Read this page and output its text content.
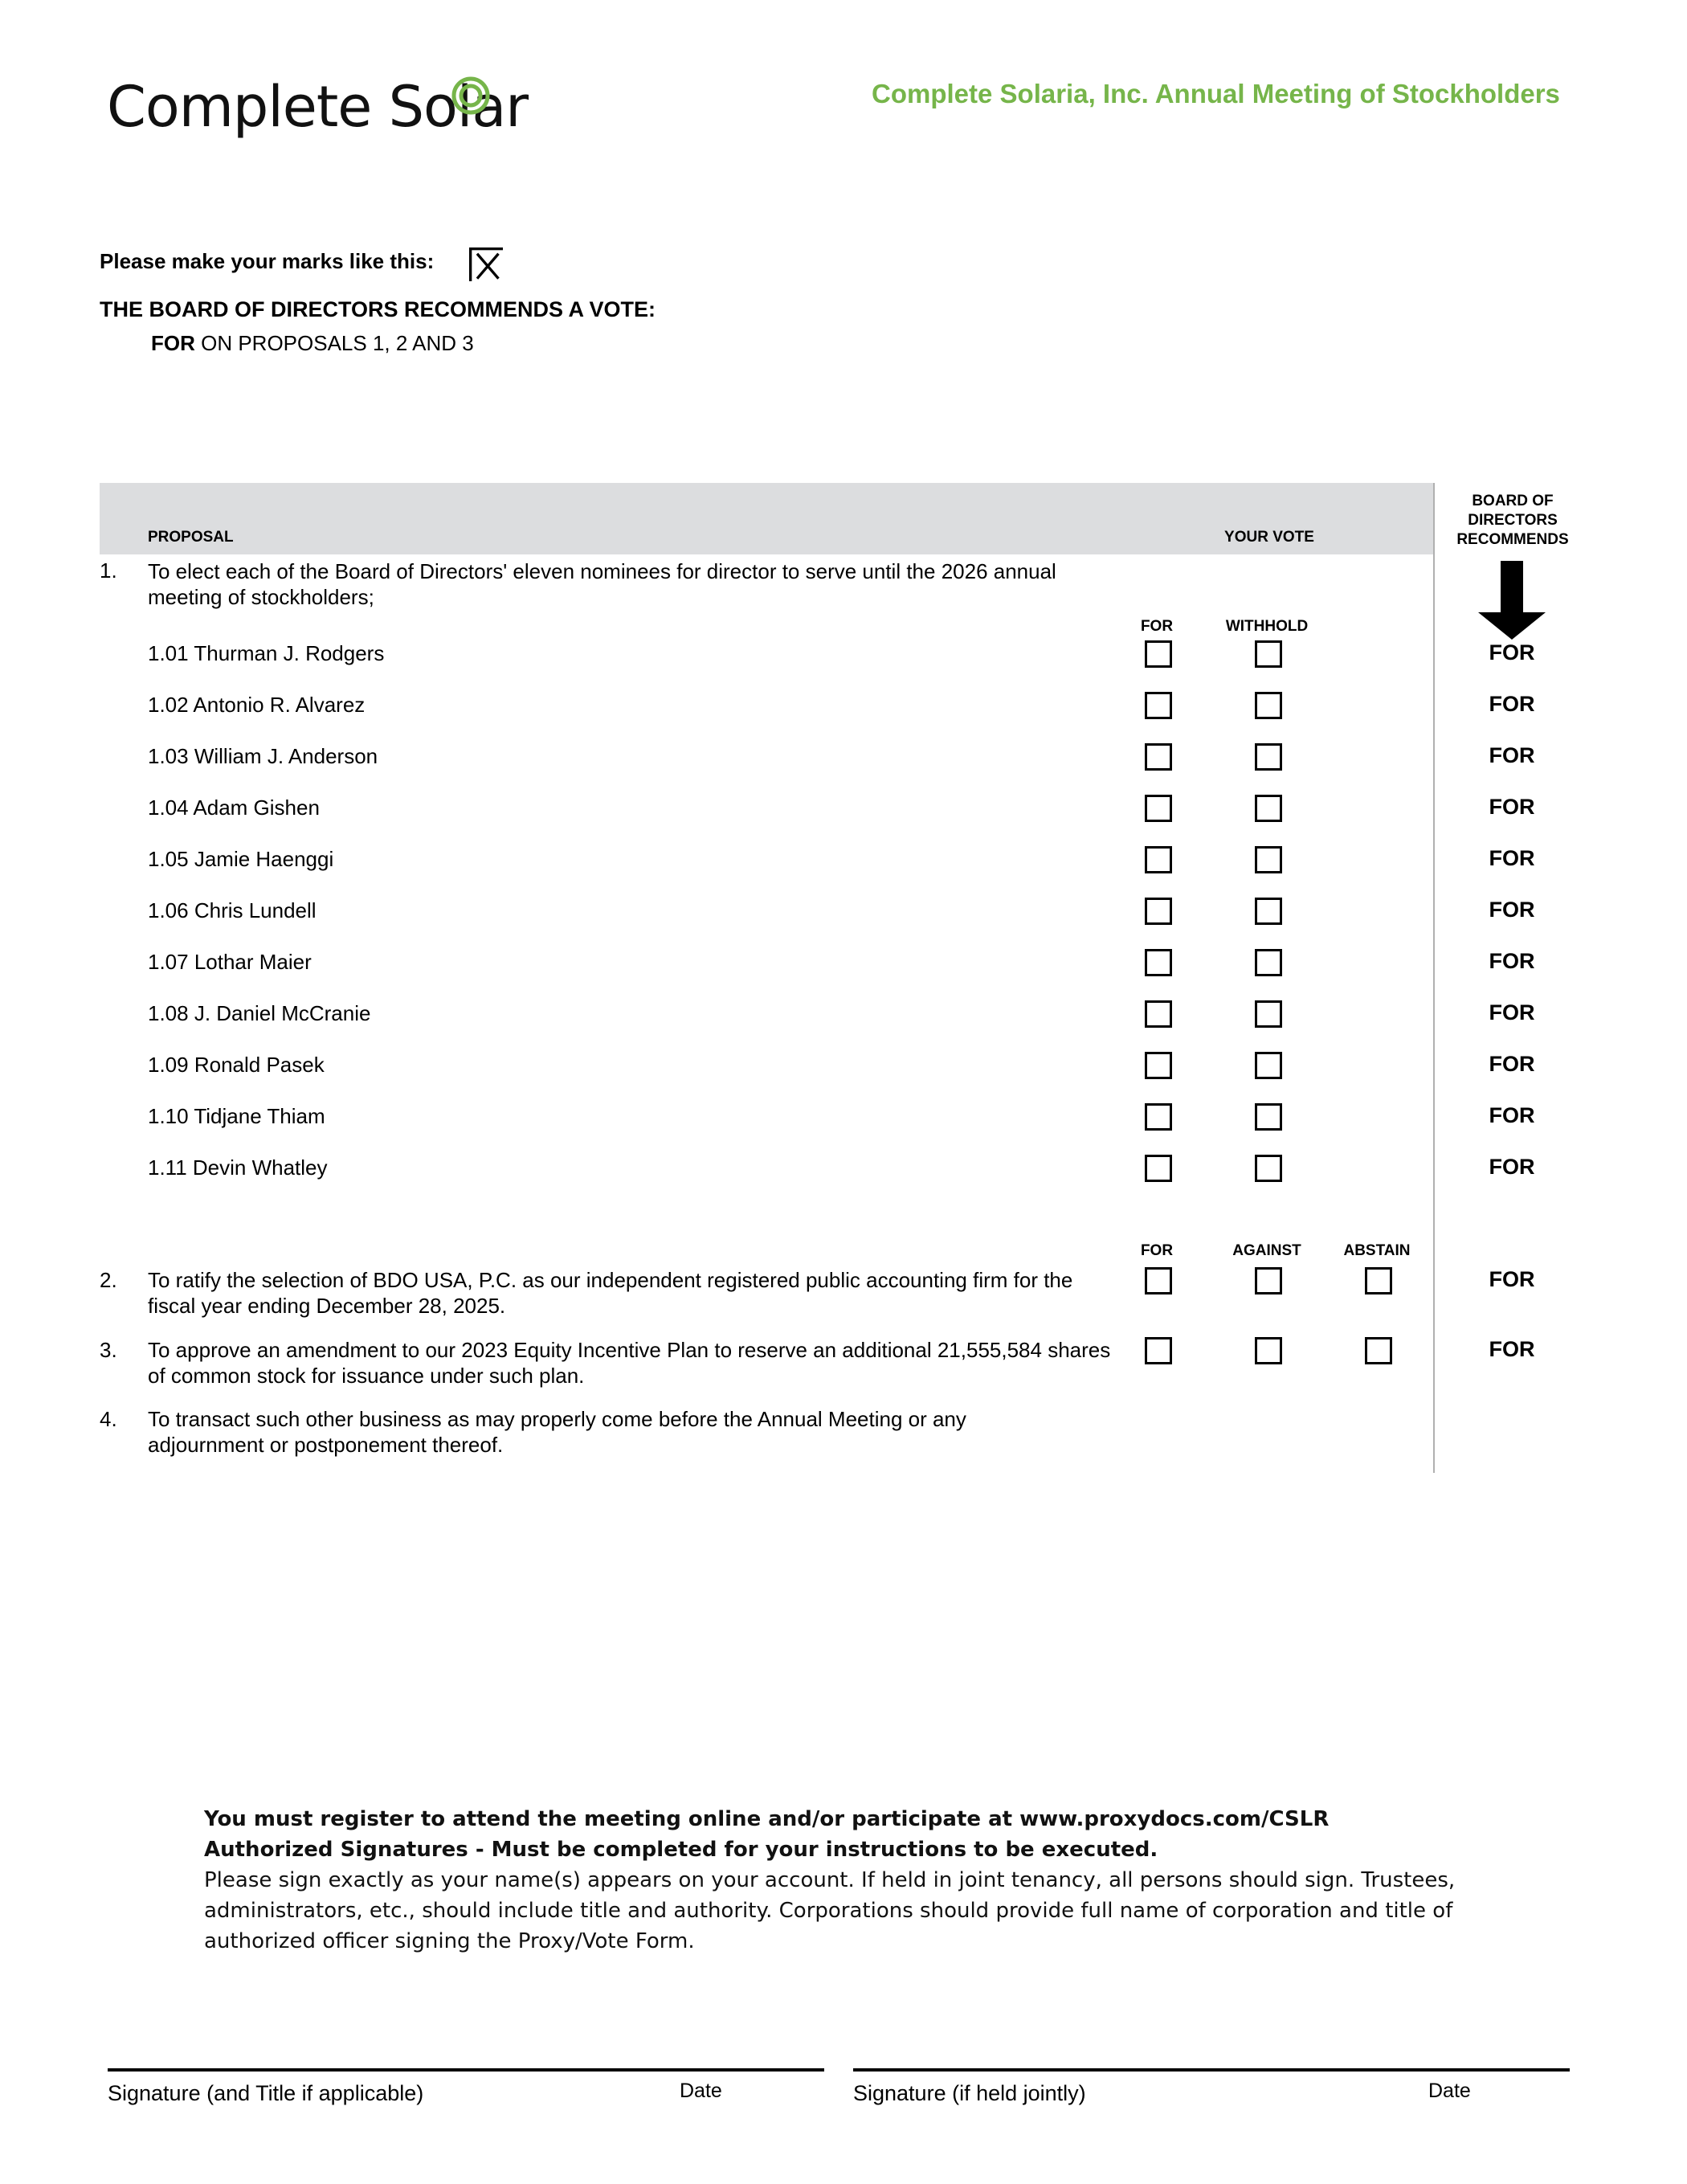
Complete Solar	Complete Solaria, Inc. Annual Meeting of Stockholders
Please make your marks like this:
THE BOARD OF DIRECTORS RECOMMENDS A VOTE:
FOR ON PROPOSALS 1, 2 AND 3
PROPOSAL	YOUR VOTE
BOARD OF DIRECTORS RECOMMENDS
1. To elect each of the Board of Directors' eleven nominees for director to serve until the 2026 annual meeting of stockholders;
FOR	WITHHOLD
1.01 Thurman J. Rodgers	FOR
1.02 Antonio R. Alvarez	FOR
1.03 William J. Anderson	FOR
1.04 Adam Gishen	FOR
1.05 Jamie Haenggi	FOR
1.06 Chris Lundell	FOR
1.07 Lothar Maier	FOR
1.08 J. Daniel McCranie	FOR
1.09 Ronald Pasek	FOR
1.10 Tidjane Thiam	FOR
1.11 Devin Whatley	FOR
FOR	AGAINST	ABSTAIN
2. To ratify the selection of BDO USA, P.C. as our independent registered public accounting firm for the fiscal year ending December 28, 2025.
FOR
3. To approve an amendment to our 2023 Equity Incentive Plan to reserve an additional 21,555,584 shares of common stock for issuance under such plan.
FOR
4. To transact such other business as may properly come before the Annual Meeting or any adjournment or postponement thereof.
You must register to attend the meeting online and/or participate at www.proxydocs.com/CSLR
Authorized Signatures - Must be completed for your instructions to be executed.
Please sign exactly as your name(s) appears on your account. If held in joint tenancy, all persons should sign. Trustees, administrators, etc., should include title and authority. Corporations should provide full name of corporation and title of authorized officer signing the Proxy/Vote Form.
Signature (and Title if applicable)	Date	Signature (if held jointly)	Date
